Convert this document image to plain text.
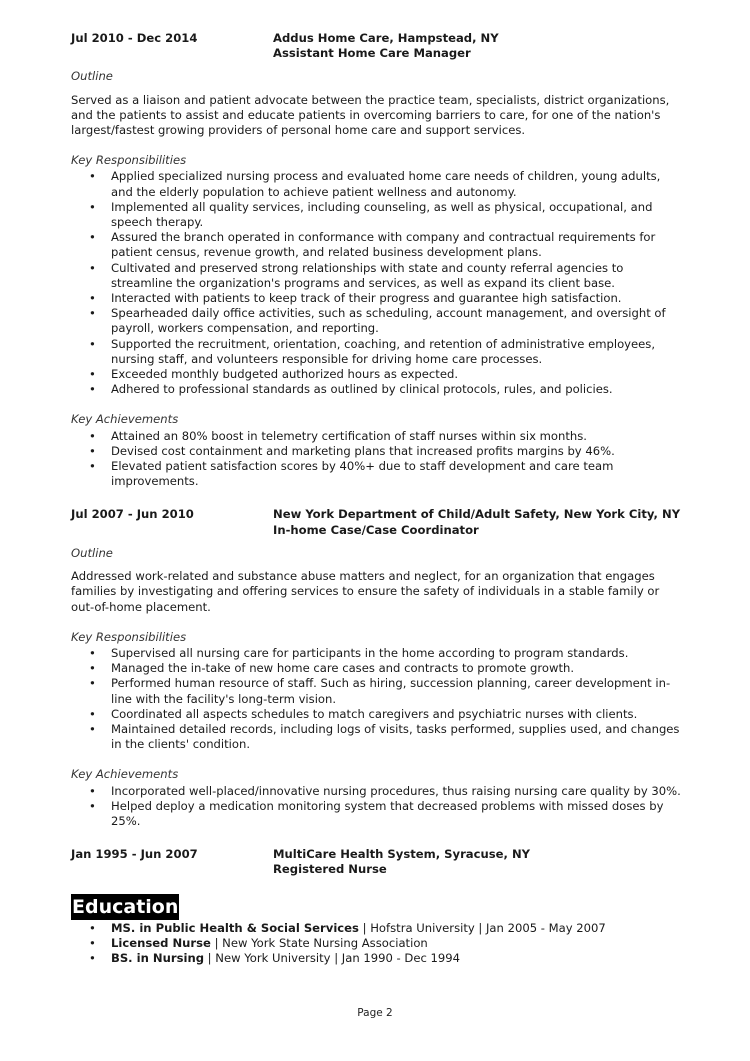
Jul 2010 - Dec 2014	Addus Home Care, Hampstead, NY
Assistant Home Care Manager
Outline
Served as a liaison and patient advocate between the practice team, specialists, district organizations, and the patients to assist and educate patients in overcoming barriers to care, for one of the nation's largest/fastest growing providers of personal home care and support services.
Key Responsibilities
• Applied specialized nursing process and evaluated home care needs of children, young adults, and the elderly population to achieve patient wellness and autonomy.
• Implemented all quality services, including counseling, as well as physical, occupational, and speech therapy.
• Assured the branch operated in conformance with company and contractual requirements for patient census, revenue growth, and related business development plans.
• Cultivated and preserved strong relationships with state and county referral agencies to streamline the organization's programs and services, as well as expand its client base.
• Interacted with patients to keep track of their progress and guarantee high satisfaction.
• Spearheaded daily office activities, such as scheduling, account management, and oversight of payroll, workers compensation, and reporting.
• Supported the recruitment, orientation, coaching, and retention of administrative employees, nursing staff, and volunteers responsible for driving home care processes.
• Exceeded monthly budgeted authorized hours as expected.
• Adhered to professional standards as outlined by clinical protocols, rules, and policies.
Key Achievements
• Attained an 80% boost in telemetry certification of staff nurses within six months.
• Devised cost containment and marketing plans that increased profits margins by 46%.
• Elevated patient satisfaction scores by 40%+ due to staff development and care team improvements.
Jul 2007 - Jun 2010	New York Department of Child/Adult Safety, New York City, NY
In-home Case/Case Coordinator
Outline
Addressed work-related and substance abuse matters and neglect, for an organization that engages families by investigating and offering services to ensure the safety of individuals in a stable family or out-of-home placement.
Key Responsibilities
• Supervised all nursing care for participants in the home according to program standards.
• Managed the in-take of new home care cases and contracts to promote growth.
• Performed human resource of staff. Such as hiring, succession planning, career development in-line with the facility's long-term vision.
• Coordinated all aspects schedules to match caregivers and psychiatric nurses with clients.
• Maintained detailed records, including logs of visits, tasks performed, supplies used, and changes in the clients' condition.
Key Achievements
• Incorporated well-placed/innovative nursing procedures, thus raising nursing care quality by 30%.
• Helped deploy a medication monitoring system that decreased problems with missed doses by 25%.
Jan 1995 - Jun 2007	MultiCare Health System, Syracuse, NY
Registered Nurse
Education
• MS. in Public Health & Social Services | Hofstra University | Jan 2005 - May 2007
• Licensed Nurse | New York State Nursing Association
• BS. in Nursing | New York University | Jan 1990 - Dec 1994
Page 2
